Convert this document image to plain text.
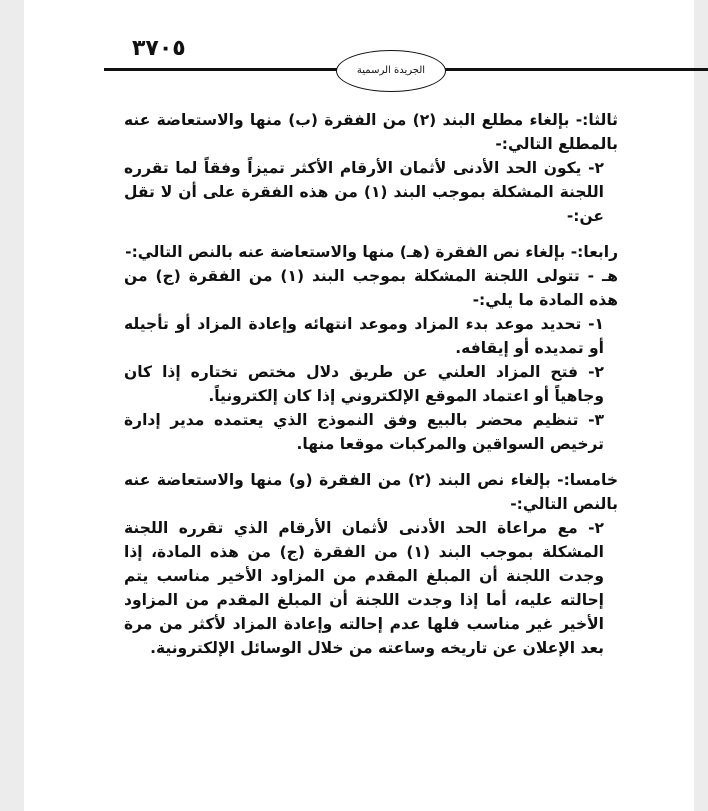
٣٧٠٥
الجريدة الرسمية

ثالثا:- بإلغاء مطلع البند (٢) من الفقرة (ب) منها والاستعاضة عنه بالمطلع التالي:-

٢- يكون الحد الأدنى لأثمان الأرقام الأكثر تميزاً وفقاً لما تقرره اللجنة المشكلة بموجب البند (١) من هذه الفقرة على أن لا تقل عن:-

رابعا:- بإلغاء نص الفقرة (هـ) منها والاستعاضة عنه بالنص التالي:-

هـ - تتولى اللجنة المشكلة بموجب البند (١) من الفقرة (ج) من هذه المادة ما يلي:-

١- تحديد موعد بدء المزاد وموعد انتهائه وإعادة المزاد أو تأجيله أو تمديده أو إيقافه.

٢- فتح المزاد العلني عن طريق دلال مختص تختاره إذا كان وجاهياً أو اعتماد الموقع الإلكتروني إذا كان إلكترونياً.

٣- تنظيم محضر بالبيع وفق النموذج الذي يعتمده مدير إدارة ترخيص السواقين والمركبات موقعا منها.

خامسا:- بإلغاء نص البند (٢) من الفقرة (و) منها والاستعاضة عنه بالنص التالي:-

٢- مع مراعاة الحد الأدنى لأثمان الأرقام الذي تقرره اللجنة المشكلة بموجب البند (١) من الفقرة (ج) من هذه المادة، إذا وجدت اللجنة أن المبلغ المقدم من المزاود الأخير مناسب يتم إحالته عليه، أما إذا وجدت اللجنة أن المبلغ المقدم من المزاود الأخير غير مناسب فلها عدم إحالته وإعادة المزاد لأكثر من مرة بعد الإعلان عن تاريخه وساعته من خلال الوسائل الإلكترونية.
